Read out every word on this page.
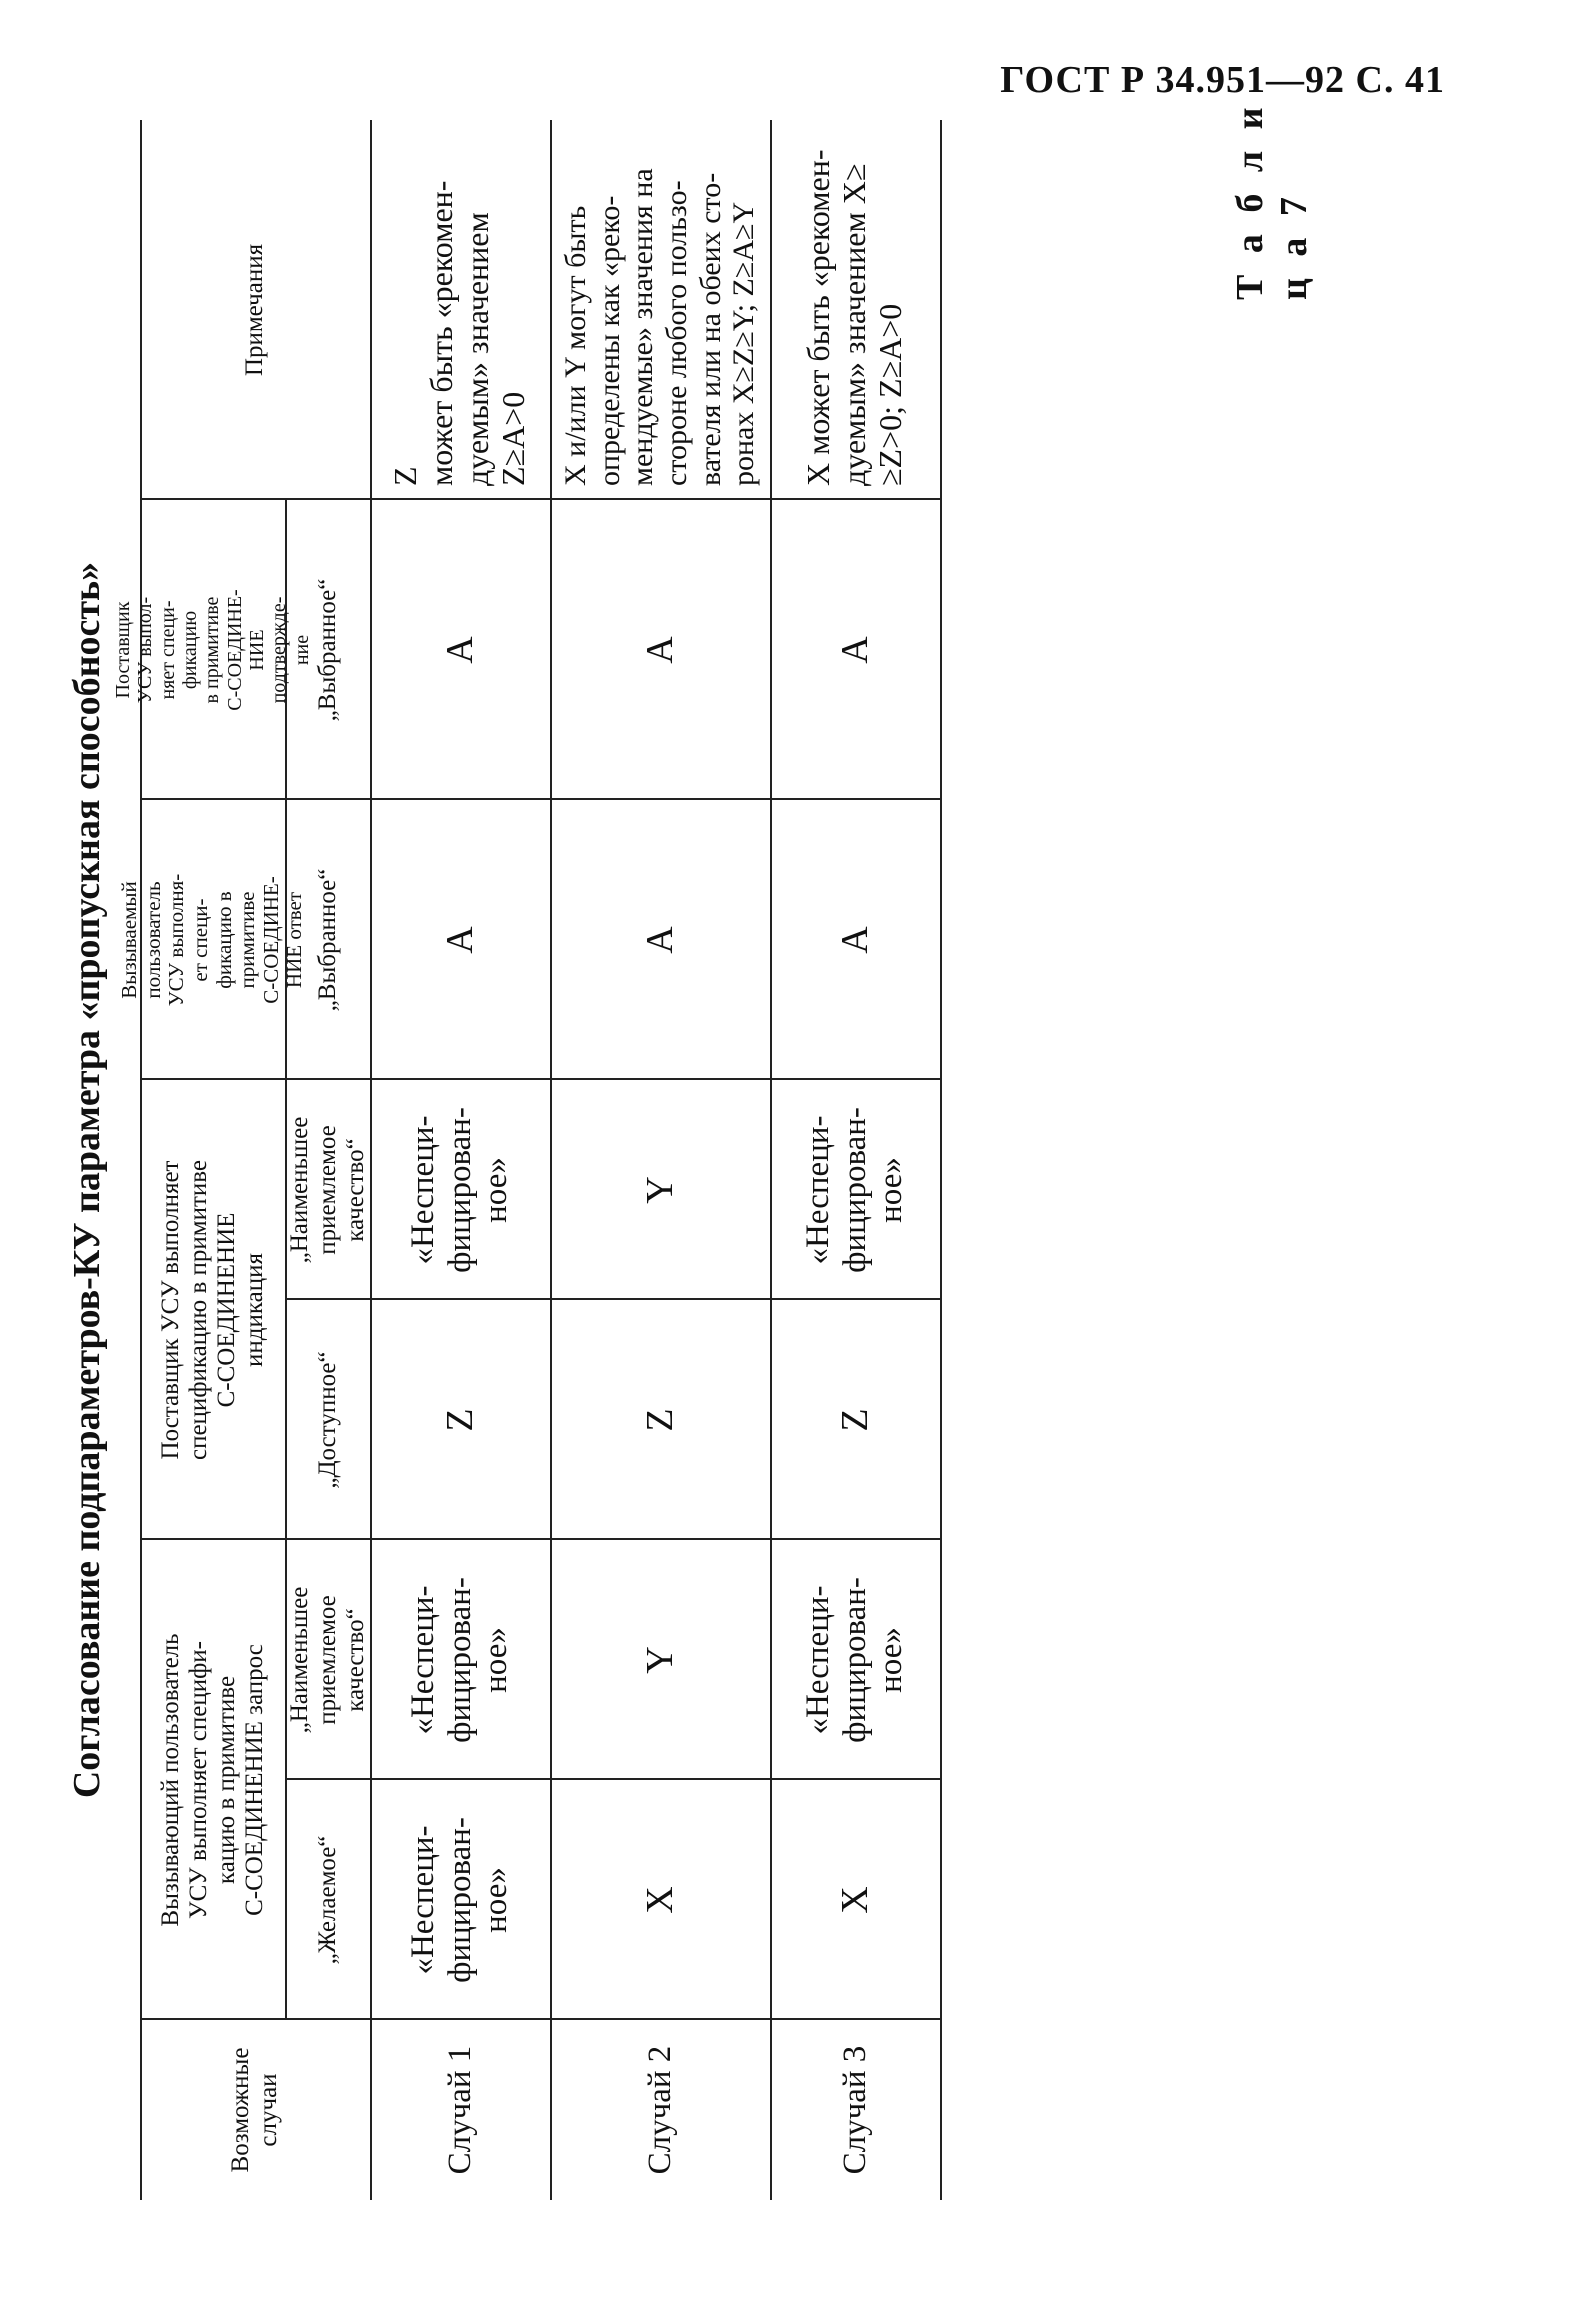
ГОСТ Р 34.951—92 С. 41
Согласование подпараметров-КУ параметра «пропускная способность»
Т а б л и ц а 7
Возможные
случаи
Вызывающий пользователь
УСУ выполняет специфи-
кацию в примитиве
С-СОЕДИНЕНИЕ запрос
„Желаемое“
„Наименьшее
приемлемое
качество“
Поставщик УСУ выполняет
спецификацию в примитиве
С-СОЕДИНЕНИЕ
индикация
„Доступное“
„Наименьшее
приемлемое
качество“
Вызываемый
пользователь
УСУ выполня-
ет специ-
фикацию в
примитиве
С-СОЕДИНЕ-
НИЕ ответ „Выбранное“
Поставщик
УСУ выпол-
няет специ-
фикацию
в примитиве
С-СОЕДИНЕ-
НИЕ
подтвержде-
ние „Выбранное“
Примечания
Случай 1
«Неспеци-
фицирован-
ное»
«Неспеци-
фицирован-
ное»
Z
«Неспеци-
фицирован-
ное»
A
A
Z
может быть «рекомен-
дуемым» значением
Z≥A>0
Случай 2
X
Y
Z
Y
A
A
X и/или Y могут быть
определены как «реко-
мендуемые» значения на
стороне любого пользо-
вателя или на обеих сто-
ронах X≥Z≥Y; Z≥A≥Y
Случай 3
X
«Неспеци-
фицирован-
ное»
Z
«Неспеци-
фицирован-
ное»
A
A
X может быть «рекомен-
дуемым» значением X≥
≥Z>0; Z≥A>0
